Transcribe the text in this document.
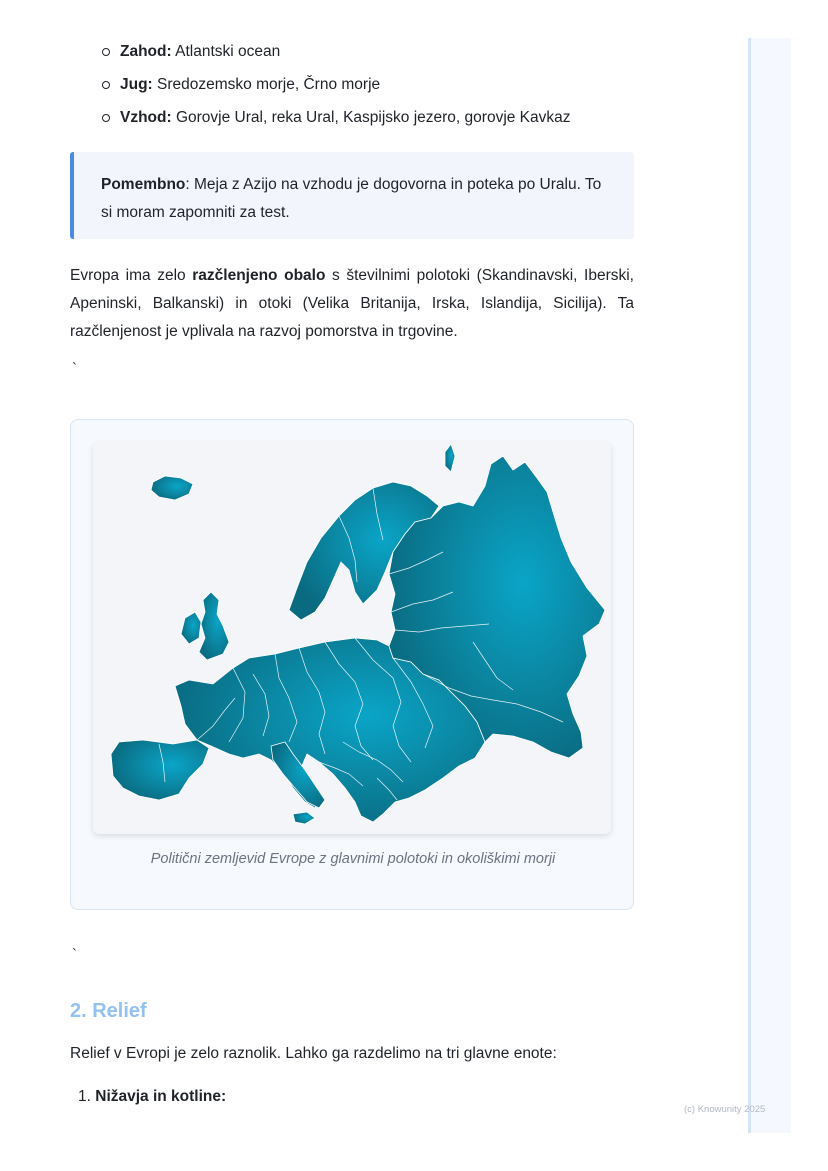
Zahod: Atlantski ocean
Jug: Sredozemsko morje, Črno morje
Vzhod: Gorovje Ural, reka Ural, Kaspijsko jezero, gorovje Kavkaz
Pomembno: Meja z Azijo na vzhodu je dogovorna in poteka po Uralu. To si moram zapomniti za test.
Evropa ima zelo razčlenjeno obalo s številnimi polotoki (Skandinavski, Iberski, Apeninski, Balkanski) in otoki (Velika Britanija, Irska, Islandija, Sicilija). Ta razčlenjenost je vplivala na razvoj pomorstva in trgovine.
`
Politični zemljevid Evrope z glavnimi polotoki in okoliškimi morji
`
2. Relief
Relief v Evropi je zelo raznolik. Lahko ga razdelimo na tri glavne enote:
1. Nižavja in kotline:
(c) Knowunity 2025
